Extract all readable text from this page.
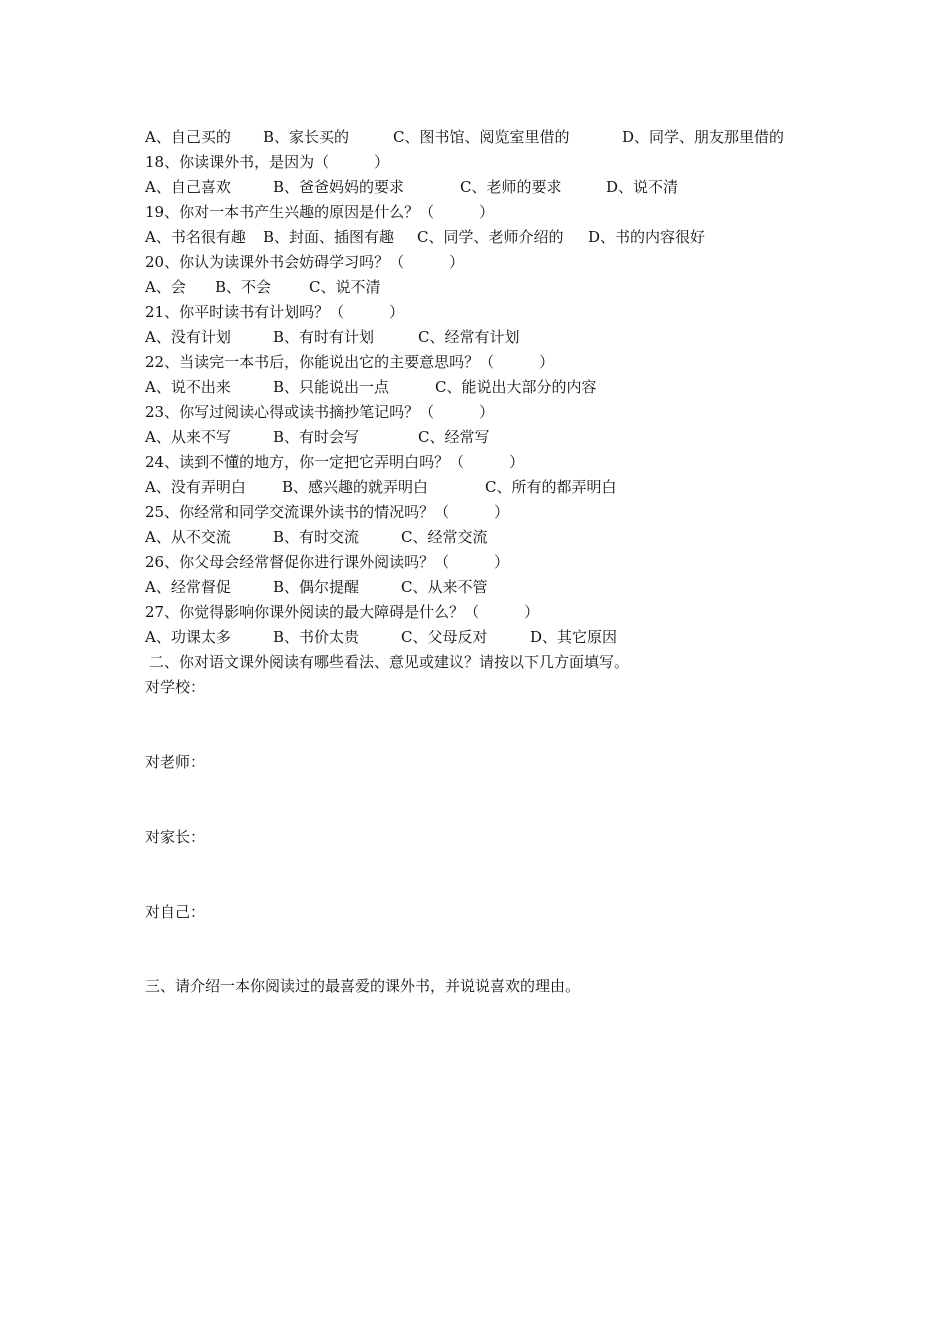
A、自己买的

B、家长买的

	C、图书馆、阅览室里借的

	D、同学、朋友那里借的

18、你读课外书，是因为（　　　）

A、自己喜欢

	B、爸爸妈妈的要求

	C、老师的要求

	D、说不清

19、你对一本书产生兴趣的原因是什么？（　　　）

A、书名很有趣

B、封面、插图有趣

C、同学、老师介绍的

D、书的内容很好

20、你认为读课外书会妨碍学习吗？（　　　）

A、会

B、不会

	C、说不清

21、你平时读书有计划吗？（　　　）

A、没有计划

	B、有时有计划

	C、经常有计划

22、当读完一本书后，你能说出它的主要意思吗？（　　　）

A、说不出来

	B、只能说出一点

	C、能说出大部分的内容

23、你写过阅读心得或读书摘抄笔记吗？（　　　）

A、从来不写

	B、有时会写

	C、经常写

24、读到不懂的地方，你一定把它弄明白吗？（　　　）

A、没有弄明白

B、感兴趣的就弄明白

	C、所有的都弄明白

25、你经常和同学交流课外读书的情况吗？（　　　）

A、从不交流

	B、有时交流

	C、经常交流

26、你父母会经常督促你进行课外阅读吗？（　　　）

A、经常督促

	B、偶尔提醒

	C、从来不管

27、你觉得影响你课外阅读的最大障碍是什么？（　　　）

A、功课太多

	B、书价太贵

	C、父母反对

	D、其它原因

二、你对语文课外阅读有哪些看法、意见或建议？请按以下几方面填写。
对学校：
对老师：
对家长：
对自己：
三、请介绍一本你阅读过的最喜爱的课外书，并说说喜欢的理由。
